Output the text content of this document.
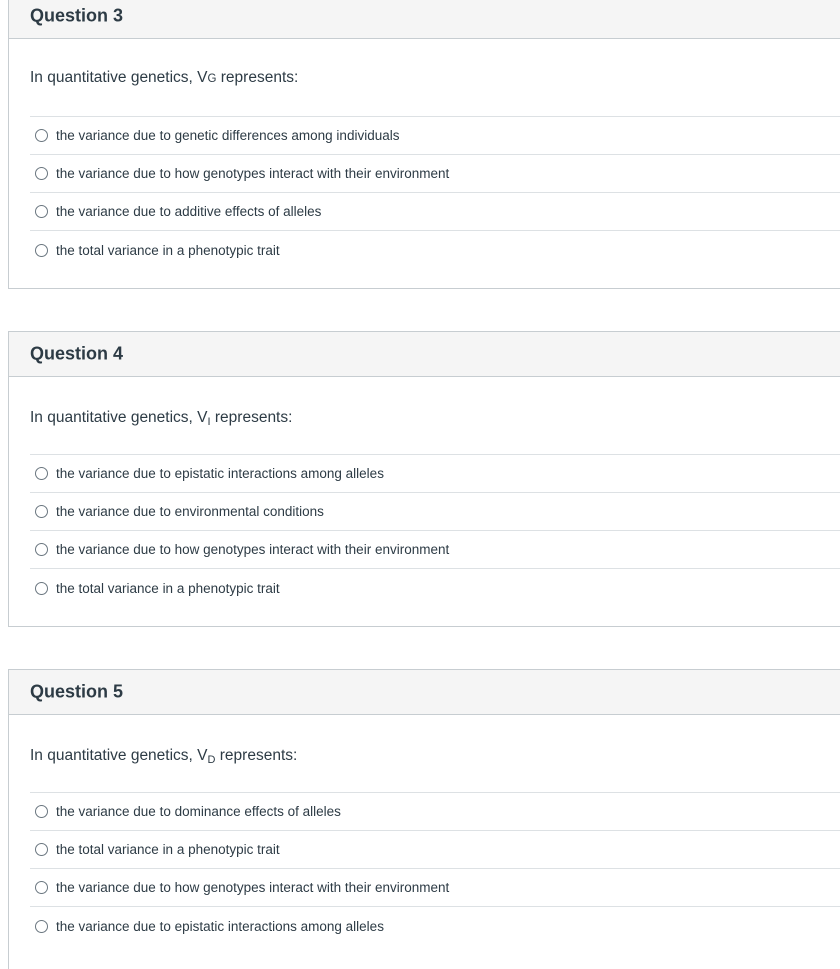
Question 3
In quantitative genetics, VG represents:
the variance due to genetic differences among individuals
the variance due to how genotypes interact with their environment
the variance due to additive effects of alleles
the total variance in a phenotypic trait
Question 4
In quantitative genetics, VI represents:
the variance due to epistatic interactions among alleles
the variance due to environmental conditions
the variance due to how genotypes interact with their environment
the total variance in a phenotypic trait
Question 5
In quantitative genetics, VD represents:
the variance due to dominance effects of alleles
the total variance in a phenotypic trait
the variance due to how genotypes interact with their environment
the variance due to epistatic interactions among alleles
